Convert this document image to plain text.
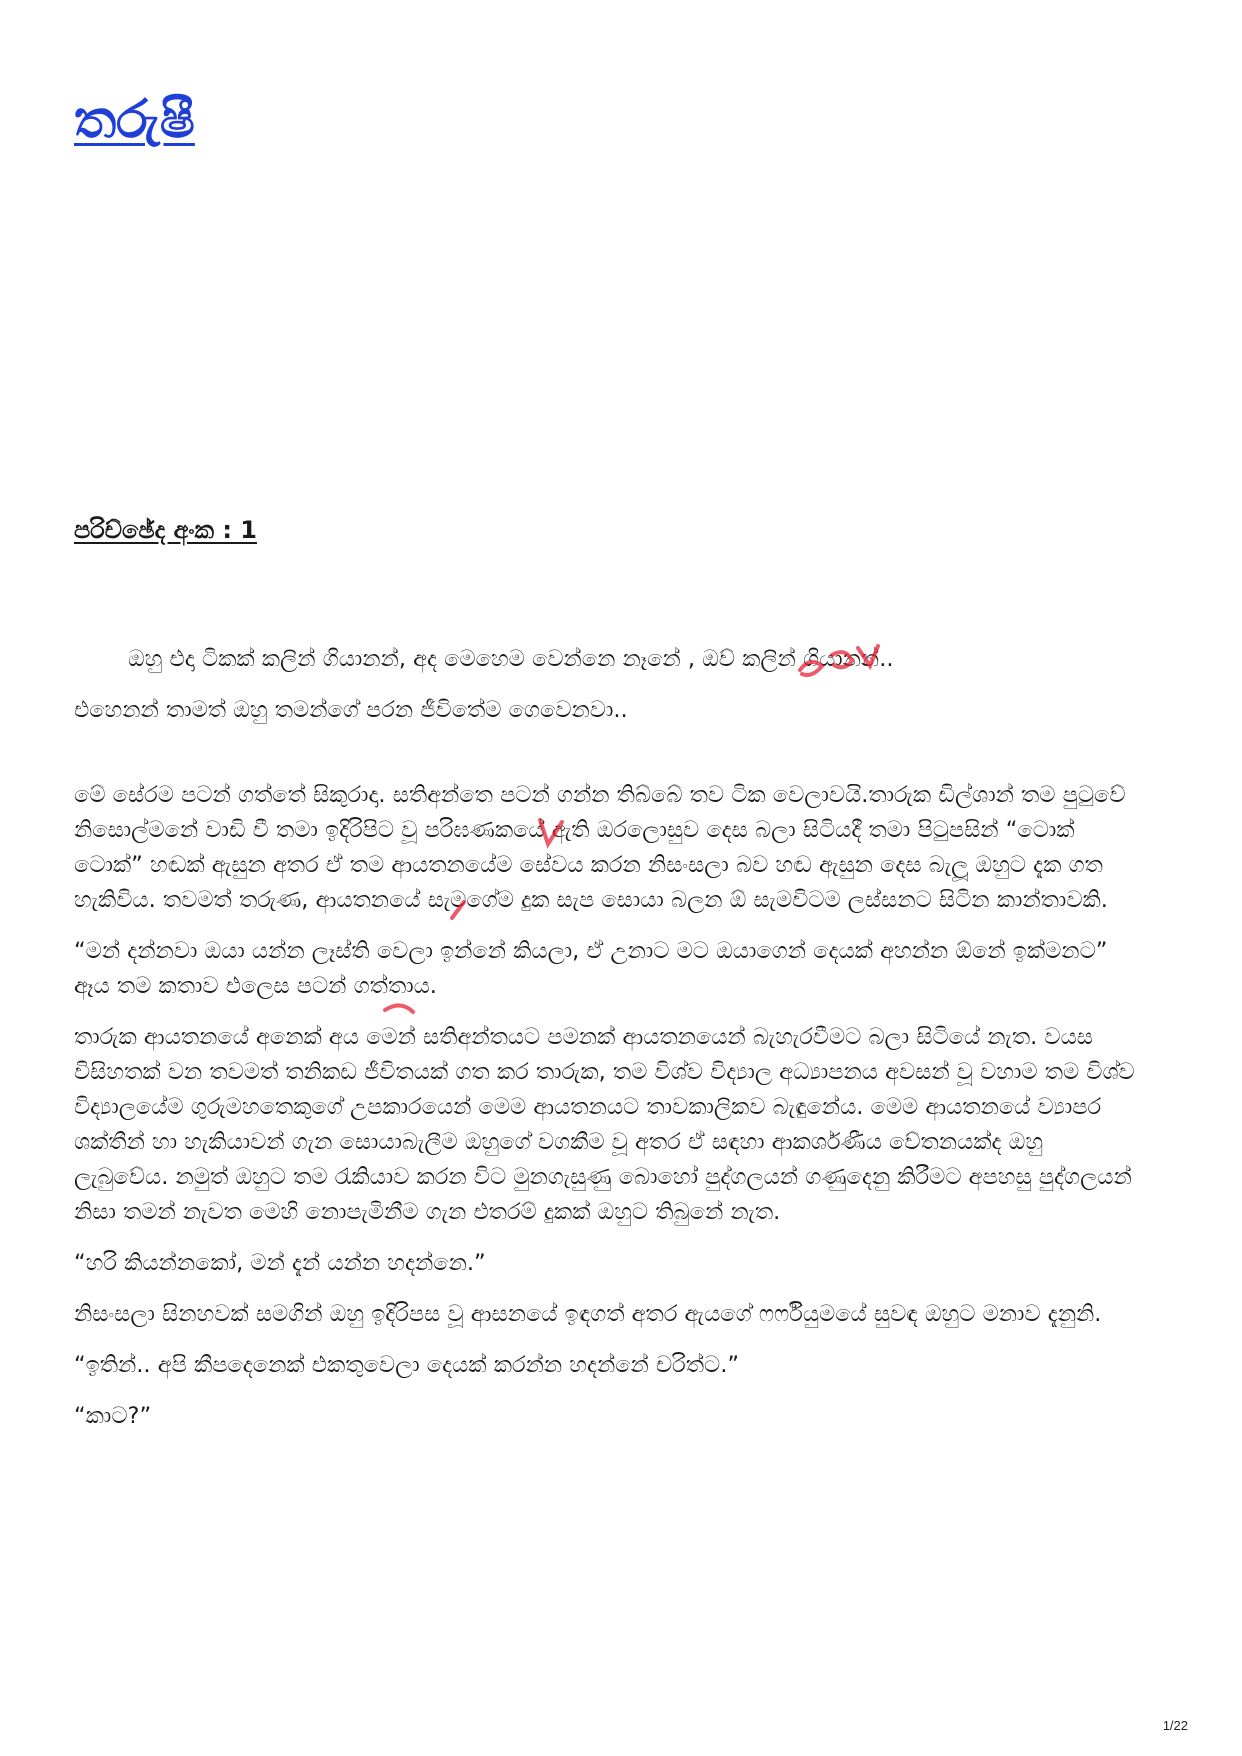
තරුෂී
පරිච්ඡේද අංක : 1

ඔහු එදා ටිකක් කලින් ගියානන්, අද මෙහෙම වෙන්නෙ නෑනේ , ඔව් කලින් ගියානන්..

එහෙනන් තාමත් ඔහු තමන්ගේ පරන ජීවිතේම ගෙවෙනවා..

මේ සේරම පටන් ගත්තේ සිකුරාදා. සතිඅන්තෙ පටන් ගන්න තිබ්බේ තව ටික වෙලාවයි.තාරුක ඩිල්ශාන් තම පුටුවේ නිසොල්මනේ වාඩි වී තමා ඉදිරිපිට වූ පරිඝණකයේ ඇති ඔරලොසුව දෙස බලා සිටියදී තමා පිටුපසින් “ටොක් ටොක්” හඬක් ඇසුන අතර ඒ තම ආයතනයේම සේවය කරන නිසංසලා බව හඬ ඇසුන දෙස බැලූ ඔහුට දැක ගත හැකිවිය. තවමත් තරුණ, ආයතනයේ සැමගේම දුක සැප සොයා බලන ඕ සැමවිටම ලස්සනට සිටින කාන්තාවකි.

“මන් දන්නවා ඔයා යන්න ලෑස්ති වෙලා ඉන්නේ කියලා, ඒ උනාට මට ඔයාගෙන් දෙයක් අහන්න ඕනේ ඉක්මනට” ඈය තම කතාව එලෙස පටන් ගත්තාය.

තාරුක ආයතනයේ අනෙක් අය මෙන් සතිඅන්තයට පමනක් ආයතනයෙන් බැහැරවීමට බලා සිටියේ නැත. වයස විසිහතක් වන තවමත් තනිකඩ ජීවිතයක් ගත කර තාරුක, තම විශ්ව විද්‍යාල අධ්‍යාපනය අවසන් වූ වහාම තම විශ්ව විද්‍යාලයේම ගුරුමහතෙකුගේ උපකාරයෙන් මෙම ආයතනයට තාවකාලිකව බැඳුනේය. මෙම ආයතනයේ ව්‍යාපර ශක්තීන් හා හැකියාවන් ගැන සොයාබැලීම ඔහුගේ වගකීම වූ අතර ඒ සඳහා ආකර්ශණීය වේතනයක්ද ඔහු ලැබුවේය. නමුත් ඔහුට තම රැකියාව කරන විට මුනගැසුණු බොහෝ පුද්ගලයන් ගණුදෙනු කිරීමට අපහසු පුද්ගලයන් නිසා තමන් නැවත මෙහි නොපැමිනීම ගැන එතරම් දුකක් ඔහුට තිබුනේ නැත.

“හරි කියන්නකෝ, මන් දැන් යන්න හදන්නෙ.”

නිසංසලා සිනහවක් සමගින් ඔහු ඉදිරිපස වූ ආසනයේ ඉඳගත් අතර ඇයගේ ෆර්ෆියුමයේ සුවඳ ඔහුට මනාව දැනුනි.

“ඉතින්.. අපි කීපදෙනෙක් එකතුවෙලා දෙයක් කරන්න හදන්නේ චරිත්ට.”

“කාට?”

1/22
